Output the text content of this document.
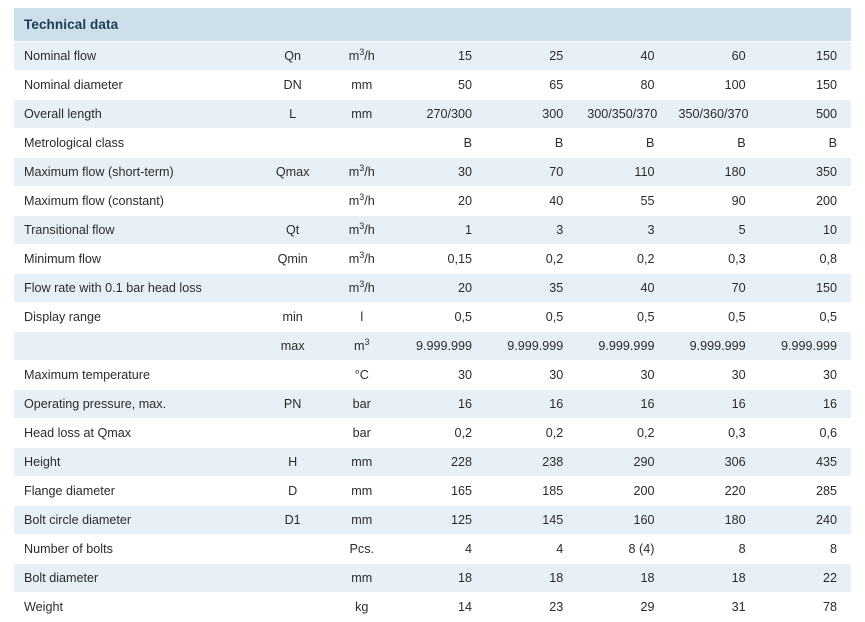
Technical data							
Nominal flow	Qn	$m^3/h$	15	25	40	60	150
Nominal diameter	DN	mm	50	65	80	100	150
Overall length	L	mm	270/300	300	300/350/370	350/360/370	500
Metrological class			B	B	B	B	B
Maximum flow (short-term)	Qmax	$m^3/h$	30	70	110	180	350
Maximum flow (constant)		$m^3/h$	20	40	55	90	200
Transitional flow	Qt	$m^3/h$	1	3	3	5	10
Minimum flow	Qmin	$m^3/h$	0,15	0,2	0,2	0,3	0,8
Flow rate with 0.1 bar head loss		$m^3/h$	20	35	40	70	150
Display range	min	l	0,5	0,5	0,5	0,5	0,5
	max	$m^3$	9.999.999	9.999.999	9.999.999	9.999.999	9.999.999
Maximum temperature		°C	30	30	30	30	30
Operating pressure, max.	PN	bar	16	16	16	16	16
Head loss at Qmax		bar	0,2	0,2	0,2	0,3	0,6
Height	H	mm	228	238	290	306	435
Flange diameter	D	mm	165	185	200	220	285
Bolt circle diameter	D1	mm	125	145	160	180	240
Number of bolts		Pcs.	4	4	8 (4)	8	8
Bolt diameter		mm	18	18	18	18	22
Weight		kg	14	23	29	31	78
